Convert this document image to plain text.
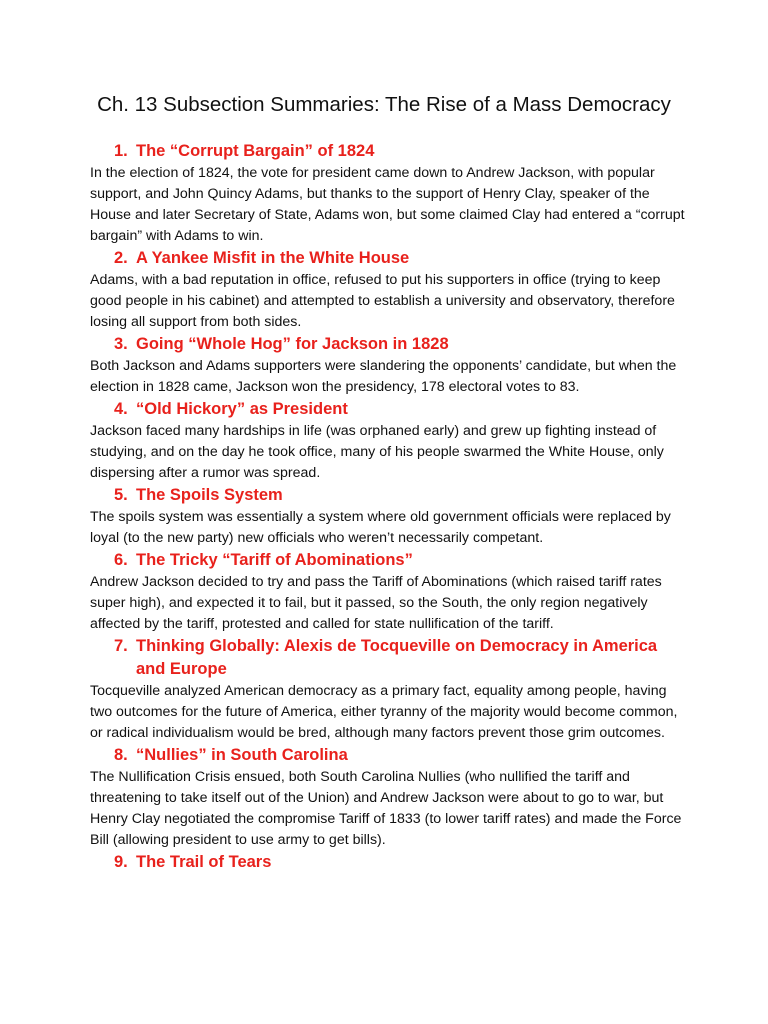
Ch. 13 Subsection Summaries: The Rise of a Mass Democracy
1. The “Corrupt Bargain” of 1824

In the election of 1824, the vote for president came down to Andrew Jackson, with popular support, and John Quincy Adams, but thanks to the support of Henry Clay, speaker of the House and later Secretary of State, Adams won, but some claimed Clay had entered a “corrupt bargain” with Adams to win.

2. A Yankee Misfit in the White House

Adams, with a bad reputation in office, refused to put his supporters in office (trying to keep good people in his cabinet) and attempted to establish a university and observatory, therefore losing all support from both sides.

3. Going “Whole Hog” for Jackson in 1828

Both Jackson and Adams supporters were slandering the opponents’ candidate, but when the election in 1828 came, Jackson won the presidency, 178 electoral votes to 83.

4. “Old Hickory” as President

Jackson faced many hardships in life (was orphaned early) and grew up fighting instead of studying, and on the day he took office, many of his people swarmed the White House, only dispersing after a rumor was spread.

5. The Spoils System

The spoils system was essentially a system where old government officials were replaced by loyal (to the new party) new officials who weren’t necessarily competant.

6. The Tricky “Tariff of Abominations”

Andrew Jackson decided to try and pass the Tariff of Abominations (which raised tariff rates super high), and expected it to fail, but it passed, so the South, the only region negatively affected by the tariff, protested and called for state nullification of the tariff.

7. Thinking Globally: Alexis de Tocqueville on Democracy in America and Europe

Tocqueville analyzed American democracy as a primary fact, equality among people, having two outcomes for the future of America, either tyranny of the majority would become common, or radical individualism would be bred, although many factors prevent those grim outcomes.

8. “Nullies” in South Carolina

The Nullification Crisis ensued, both South Carolina Nullies (who nullified the tariff and threatening to take itself out of the Union) and Andrew Jackson were about to go to war, but Henry Clay negotiated the compromise Tariff of 1833 (to lower tariff rates) and made the Force Bill (allowing president to use army to get bills).

9. The Trail of Tears
